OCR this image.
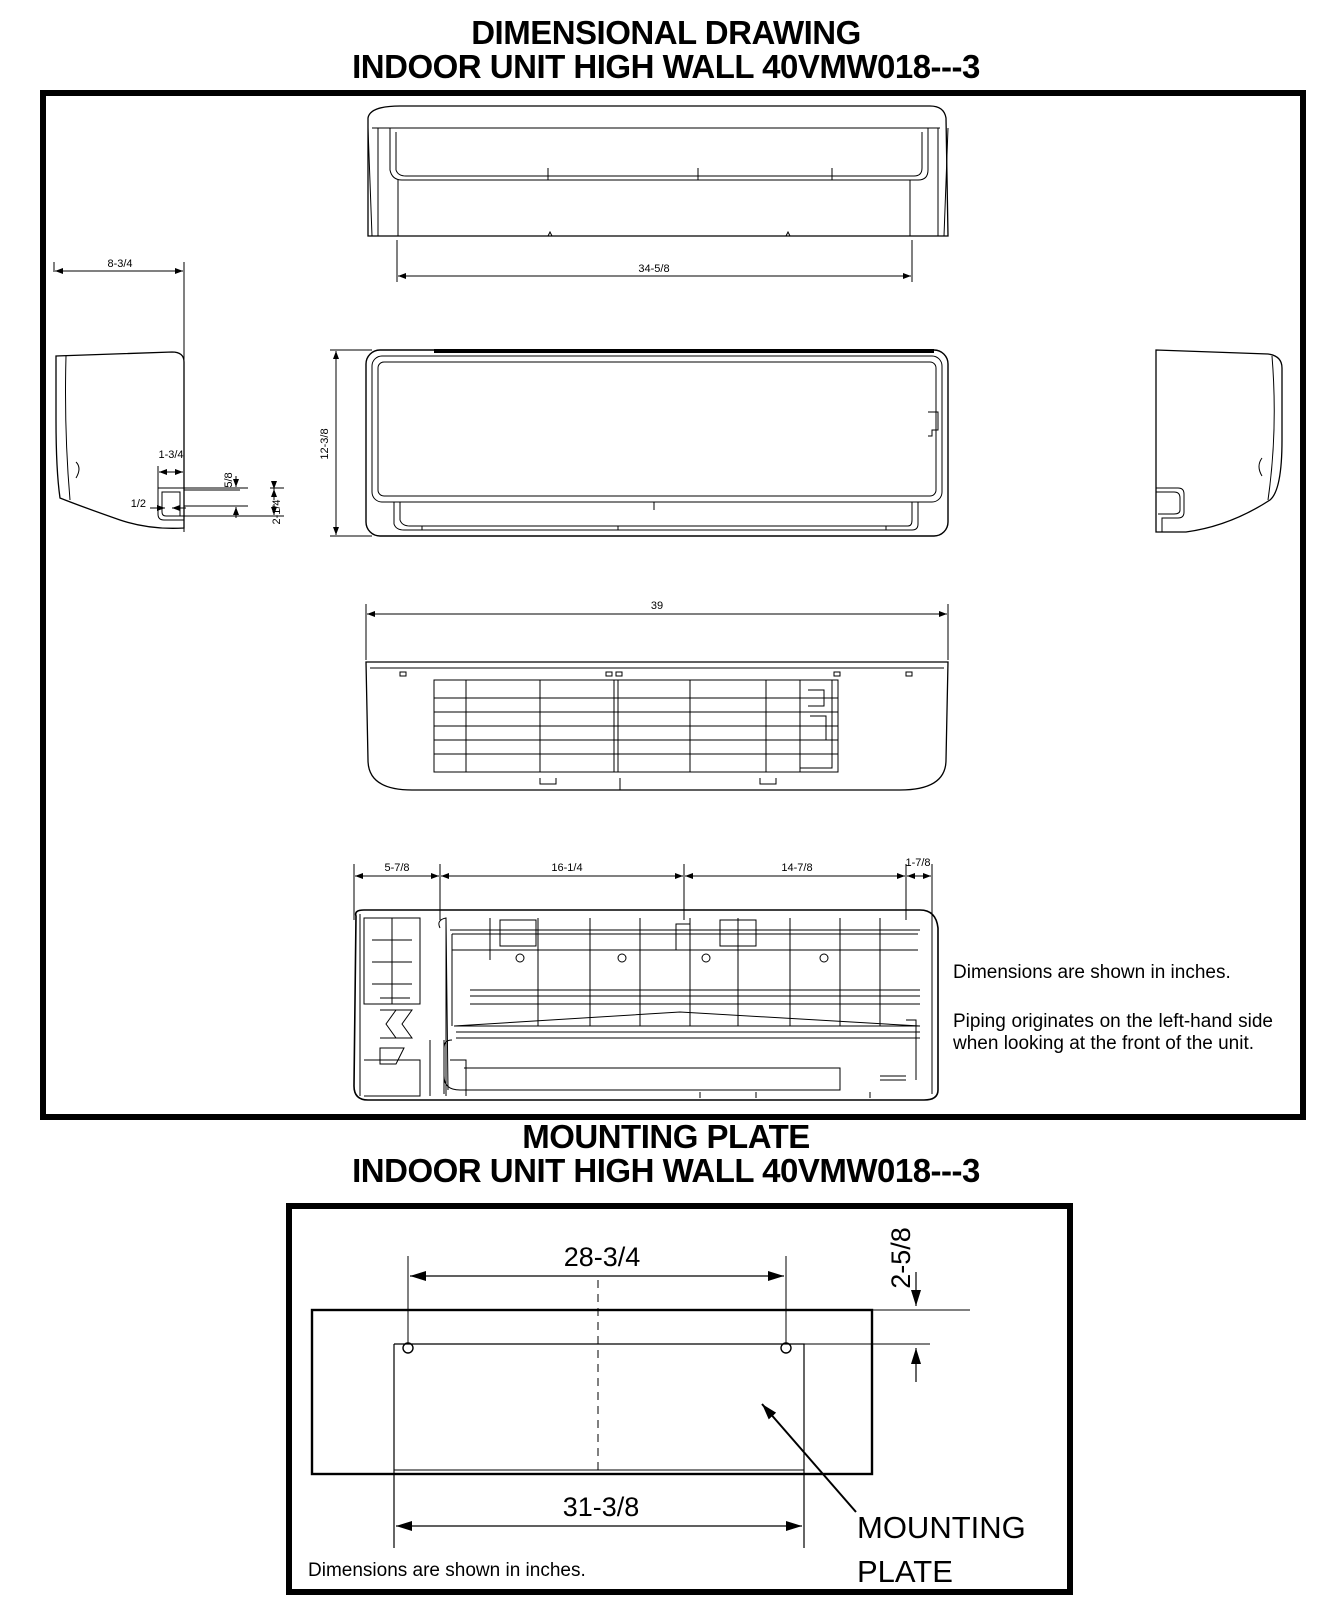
DIMENSIONAL DRAWING
INDOOR UNIT HIGH WALL 40VMW018---3
34-5/8
8-3/4
1-3/4
5/8
1/2	2-1/4
12-3/8
39
5-7/8	16-1/4	14-7/8	1-7/8
28-3/4	2-5/8
31-3/8
MOUNTING
PLATE
Dimensions are shown in inches.
Piping originates on the left-hand side when looking at the front of the unit.
MOUNTING PLATE
INDOOR UNIT HIGH WALL 40VMW018---3
Dimensions are shown in inches.
